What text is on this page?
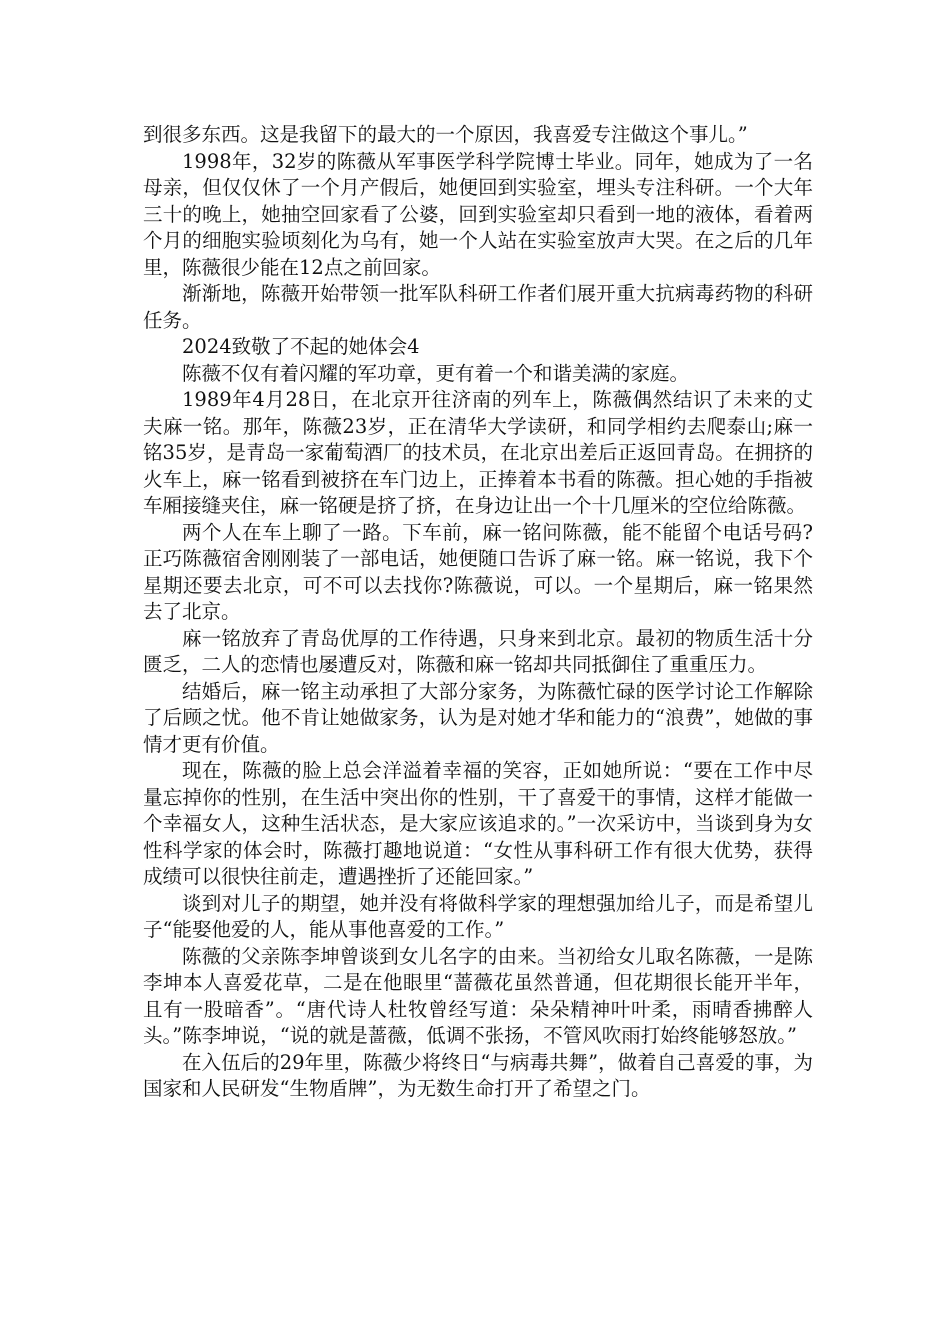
到很多东西。这是我留下的最大的一个原因，我喜爱专注做这个事儿。”

1998年，32岁的陈薇从军事医学科学院博士毕业。同年，她成为了一名母亲，但仅仅休了一个月产假后，她便回到实验室，埋头专注科研。一个大年三十的晚上，她抽空回家看了公婆，回到实验室却只看到一地的液体，看着两个月的细胞实验顷刻化为乌有，她一个人站在实验室放声大哭。在之后的几年里，陈薇很少能在12点之前回家。

渐渐地，陈薇开始带领一批军队科研工作者们展开重大抗病毒药物的科研任务。

2024致敬了不起的她体会4

陈薇不仅有着闪耀的军功章，更有着一个和谐美满的家庭。

1989年4月28日，在北京开往济南的列车上，陈薇偶然结识了未来的丈夫麻一铭。那年，陈薇23岁，正在清华大学读研，和同学相约去爬泰山;麻一铭35岁，是青岛一家葡萄酒厂的技术员，在北京出差后正返回青岛。在拥挤的火车上，麻一铭看到被挤在车门边上，正捧着本书看的陈薇。担心她的手指被车厢接缝夹住，麻一铭硬是挤了挤，在身边让出一个十几厘米的空位给陈薇。

两个人在车上聊了一路。下车前，麻一铭问陈薇，能不能留个电话号码?正巧陈薇宿舍刚刚装了一部电话，她便随口告诉了麻一铭。麻一铭说，我下个星期还要去北京，可不可以去找你?陈薇说，可以。一个星期后，麻一铭果然去了北京。

麻一铭放弃了青岛优厚的工作待遇，只身来到北京。最初的物质生活十分匮乏，二人的恋情也屡遭反对，陈薇和麻一铭却共同抵御住了重重压力。

结婚后，麻一铭主动承担了大部分家务，为陈薇忙碌的医学讨论工作解除了后顾之忧。他不肯让她做家务，认为是对她才华和能力的“浪费”，她做的事情才更有价值。

现在，陈薇的脸上总会洋溢着幸福的笑容，正如她所说：“要在工作中尽量忘掉你的性别，在生活中突出你的性别，干了喜爱干的事情，这样才能做一个幸福女人，这种生活状态，是大家应该追求的。”一次采访中，当谈到身为女性科学家的体会时，陈薇打趣地说道：“女性从事科研工作有很大优势，获得成绩可以很快往前走，遭遇挫折了还能回家。”

谈到对儿子的期望，她并没有将做科学家的理想强加给儿子，而是希望儿子“能娶他爱的人，能从事他喜爱的工作。”

陈薇的父亲陈李坤曾谈到女儿名字的由来。当初给女儿取名陈薇，一是陈李坤本人喜爱花草，二是在他眼里“蔷薇花虽然普通，但花期很长能开半年，且有一股暗香”。“唐代诗人杜牧曾经写道：朵朵精神叶叶柔，雨晴香拂醉人头。”陈李坤说，“说的就是蔷薇，低调不张扬，不管风吹雨打始终能够怒放。”

在入伍后的29年里，陈薇少将终日“与病毒共舞”，做着自己喜爱的事，为国家和人民研发“生物盾牌”，为无数生命打开了希望之门。
